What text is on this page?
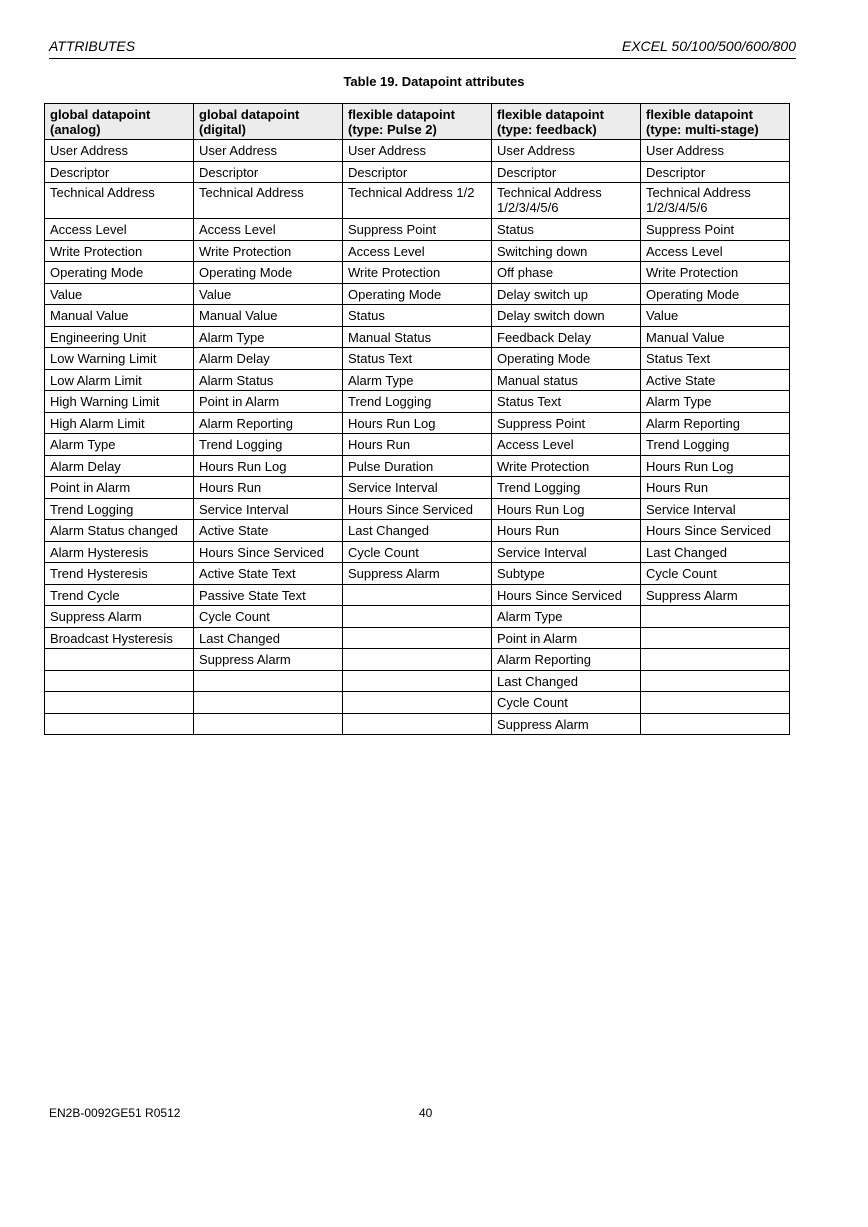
ATTRIBUTES	EXCEL 50/100/500/600/800
Table 19. Datapoint attributes
global datapoint (analog)	global datapoint (digital)	flexible datapoint (type: Pulse 2)	flexible datapoint (type: feedback)	flexible datapoint (type: multi-stage)
User Address	User Address	User Address	User Address	User Address
Descriptor	Descriptor	Descriptor	Descriptor	Descriptor
Technical Address	Technical Address	Technical Address 1/2	Technical Address 1/2/3/4/5/6	Technical Address 1/2/3/4/5/6
Access Level	Access Level	Suppress Point	Status	Suppress Point
Write Protection	Write Protection	Access Level	Switching down	Access Level
Operating Mode	Operating Mode	Write Protection	Off phase	Write Protection
Value	Value	Operating Mode	Delay switch up	Operating Mode
Manual Value	Manual Value	Status	Delay switch down	Value
Engineering Unit	Alarm Type	Manual Status	Feedback Delay	Manual Value
Low Warning Limit	Alarm Delay	Status Text	Operating Mode	Status Text
Low Alarm Limit	Alarm Status	Alarm Type	Manual status	Active State
High Warning Limit	Point in Alarm	Trend Logging	Status Text	Alarm Type
High Alarm Limit	Alarm Reporting	Hours Run Log	Suppress Point	Alarm Reporting
Alarm Type	Trend Logging	Hours Run	Access Level	Trend Logging
Alarm Delay	Hours Run Log	Pulse Duration	Write Protection	Hours Run Log
Point in Alarm	Hours Run	Service Interval	Trend Logging	Hours Run
Trend Logging	Service Interval	Hours Since Serviced	Hours Run Log	Service Interval
Alarm Status changed	Active State	Last Changed	Hours Run	Hours Since Serviced
Alarm Hysteresis	Hours Since Serviced	Cycle Count	Service Interval	Last Changed
Trend Hysteresis	Active State Text	Suppress Alarm	Subtype	Cycle Count
Trend Cycle	Passive State Text		Hours Since Serviced	Suppress Alarm
Suppress Alarm	Cycle Count		Alarm Type	
Broadcast Hysteresis	Last Changed		Point in Alarm	
	Suppress Alarm		Alarm Reporting	
			Last Changed	
			Cycle Count	
			Suppress Alarm	
EN2B-0092GE51 R0512	40
